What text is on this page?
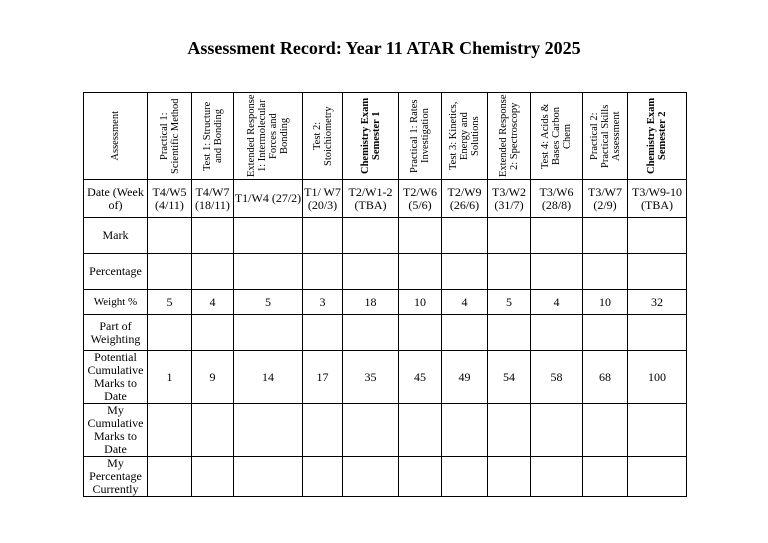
Assessment Record: Year 11 ATAR Chemistry 2025
Assessment	Practical 1: Scientific Method	Test 1: Structure and Bonding	Extended Response 1: Intermolecular Forces and Bonding	Test 2: Stoichiometry	Chemistry Exam Semester 1	Practical 1: Rates Investigation	Test 3: Kinetics, Energy and Solutions	Extended Response 2: Spectroscopy	Test 4: Acids & Bases Carbon Chem	Practical 2: Practical Skills Assessment	Chemistry Exam Semester 2

Date (Week of)	T4/W5 (4/11)	T4/W7 (18/11)	T1/W4 (27/2)	T1/ W7 (20/3)	T2/W1-2 (TBA)	T2/W6 (5/6)	T2/W9 (26/6)	T3/W2 (31/7)	T3/W6 (28/8)	T3/W7 (2/9)	T3/W9-10 (TBA)
Mark											
Percentage											
Weight %	5	4	5	3	18	10	4	5	4	10	32
Part of Weighting											
Potential Cumulative Marks to Date	1	9	14	17	35	45	49	54	58	68	100
My Cumulative Marks to Date											
My Percentage Currently											
